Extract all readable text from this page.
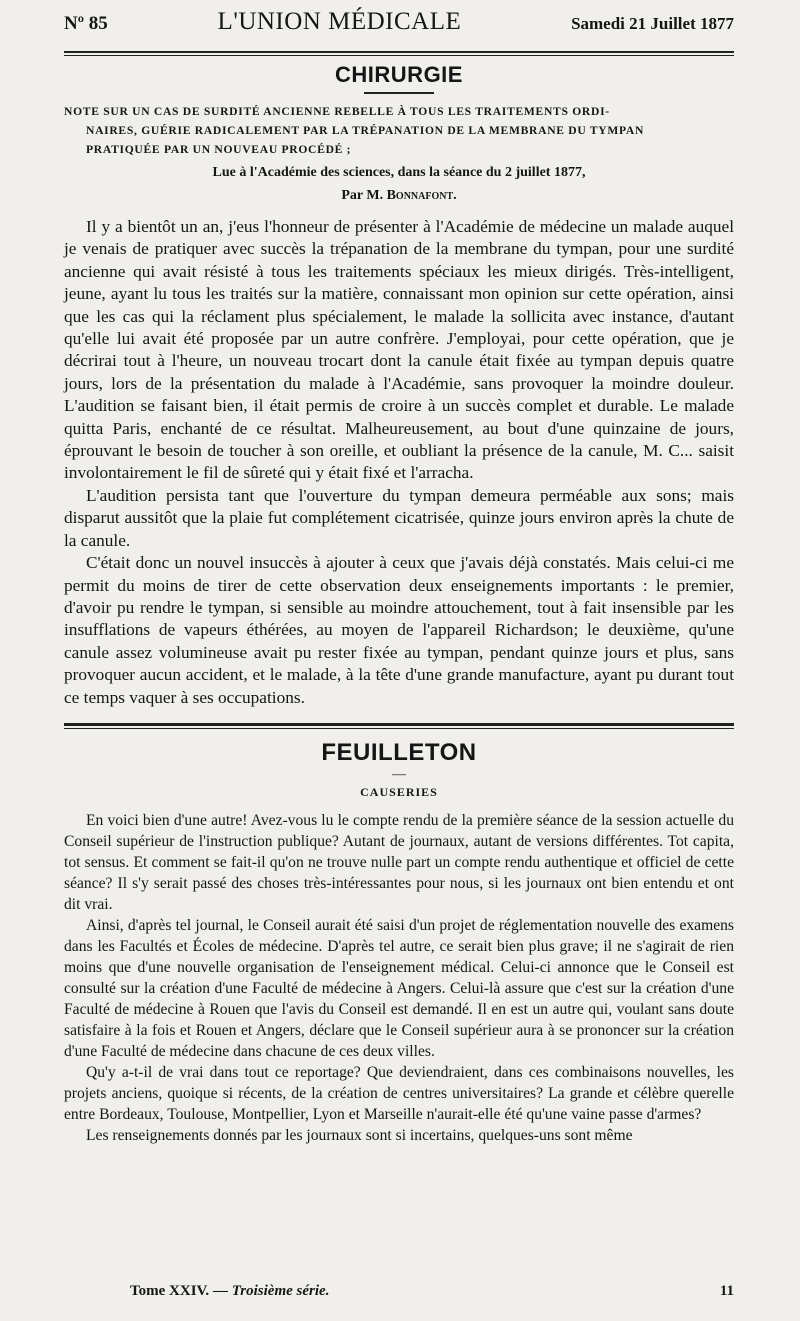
Nº 85	L'UNION MÉDICALE	Samedi 21 Juillet 1877
CHIRURGIE
NOTE SUR UN CAS DE SURDITÉ ANCIENNE REBELLE À TOUS LES TRAITEMENTS ORDI-
NAIRES, GUÉRIE RADICALEMENT PAR LA TRÉPANATION DE LA MEMBRANE DU TYMPAN
PRATIQUÉE PAR UN NOUVEAU PROCÉDÉ ;
Lue à l'Académie des sciences, dans la séance du 2 juillet 1877,
Par M. Bonnafont.

Il y a bientôt un an, j'eus l'honneur de présenter à l'Académie de médecine un malade auquel je venais de pratiquer avec succès la trépanation de la membrane du tympan, pour une surdité ancienne qui avait résisté à tous les traitements spéciaux les mieux dirigés. Très-intelligent, jeune, ayant lu tous les traités sur la matière, connaissant mon opinion sur cette opération, ainsi que les cas qui la réclament plus spécialement, le malade la sollicita avec instance, d'autant qu'elle lui avait été proposée par un autre confrère. J'employai, pour cette opération, que je décrirai tout à l'heure, un nouveau trocart dont la canule était fixée au tympan depuis quatre jours, lors de la présentation du malade à l'Académie, sans provoquer la moindre douleur. L'audition se faisant bien, il était permis de croire à un succès complet et durable. Le malade quitta Paris, enchanté de ce résultat. Malheureusement, au bout d'une quinzaine de jours, éprouvant le besoin de toucher à son oreille, et oubliant la présence de la canule, M. C... saisit involontairement le fil de sûreté qui y était fixé et l'arracha.

L'audition persista tant que l'ouverture du tympan demeura perméable aux sons; mais disparut aussitôt que la plaie fut complétement cicatrisée, quinze jours environ après la chute de la canule.

C'était donc un nouvel insuccès à ajouter à ceux que j'avais déjà constatés. Mais celui-ci me permit du moins de tirer de cette observation deux enseignements importants : le premier, d'avoir pu rendre le tympan, si sensible au moindre attouchement, tout à fait insensible par les insufflations de vapeurs éthérées, au moyen de l'appareil Richardson; le deuxième, qu'une canule assez volumineuse avait pu rester fixée au tympan, pendant quinze jours et plus, sans provoquer aucun accident, et le malade, à la tête d'une grande manufacture, ayant pu durant tout ce temps vaquer à ses occupations.

FEUILLETON
—
CAUSERIES

En voici bien d'une autre! Avez-vous lu le compte rendu de la première séance de la session actuelle du Conseil supérieur de l'instruction publique? Autant de journaux, autant de versions différentes. Tot capita, tot sensus. Et comment se fait-il qu'on ne trouve nulle part un compte rendu authentique et officiel de cette séance? Il s'y serait passé des choses très-intéressantes pour nous, si les journaux ont bien entendu et ont dit vrai.

Ainsi, d'après tel journal, le Conseil aurait été saisi d'un projet de réglementation nouvelle des examens dans les Facultés et Écoles de médecine. D'après tel autre, ce serait bien plus grave; il ne s'agirait de rien moins que d'une nouvelle organisation de l'enseignement médical. Celui-ci annonce que le Conseil est consulté sur la création d'une Faculté de médecine à Angers. Celui-là assure que c'est sur la création d'une Faculté de médecine à Rouen que l'avis du Conseil est demandé. Il en est un autre qui, voulant sans doute satisfaire à la fois et Rouen et Angers, déclare que le Conseil supérieur aura à se prononcer sur la création d'une Faculté de médecine dans chacune de ces deux villes.

Qu'y a-t-il de vrai dans tout ce reportage? Que deviendraient, dans ces combinaisons nouvelles, les projets anciens, quoique si récents, de la création de centres universitaires? La grande et célèbre querelle entre Bordeaux, Toulouse, Montpellier, Lyon et Marseille n'aurait-elle été qu'une vaine passe d'armes?

Les renseignements donnés par les journaux sont si incertains, quelques-uns sont même

Tome XXIV. — Troisième série.	11
